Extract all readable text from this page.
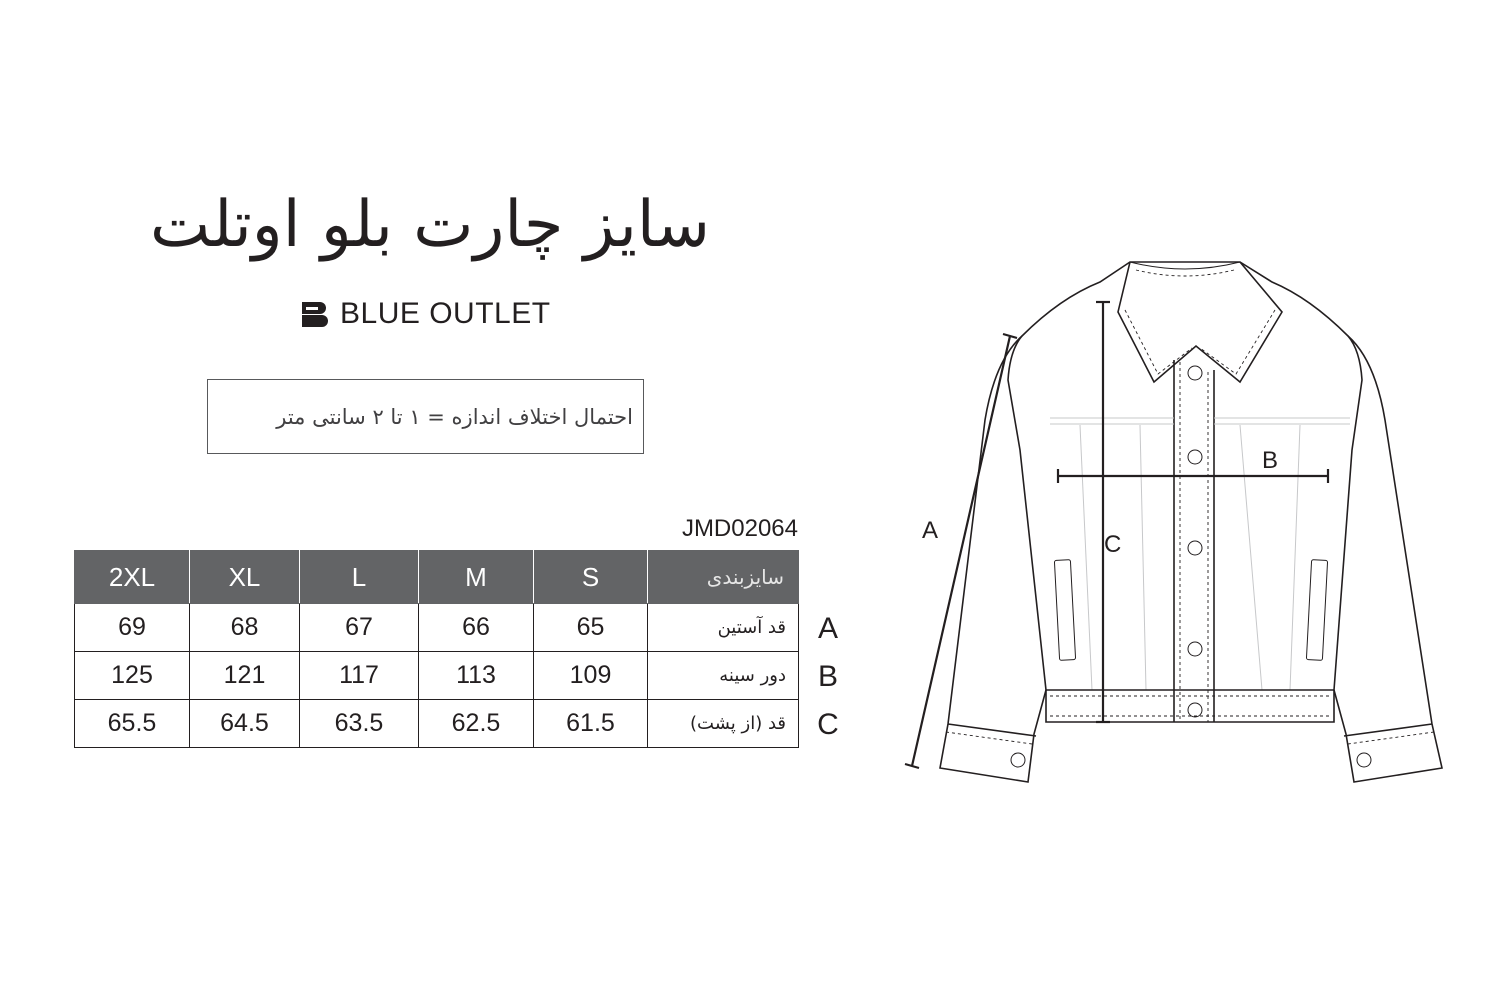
سایز چارت بلو اوتلت
BLUE OUTLET
احتمال اختلاف اندازه = ۱ تا ۲ سانتی متر
JMD02064
2XL	XL	L	M	S	سایزبندی
69	68	67	66	65	قد آستین
125	121	117	113	109	دور سینه
65.5	64.5	63.5	62.5	61.5	قد (از پشت)
A
B
C
A
B
C
